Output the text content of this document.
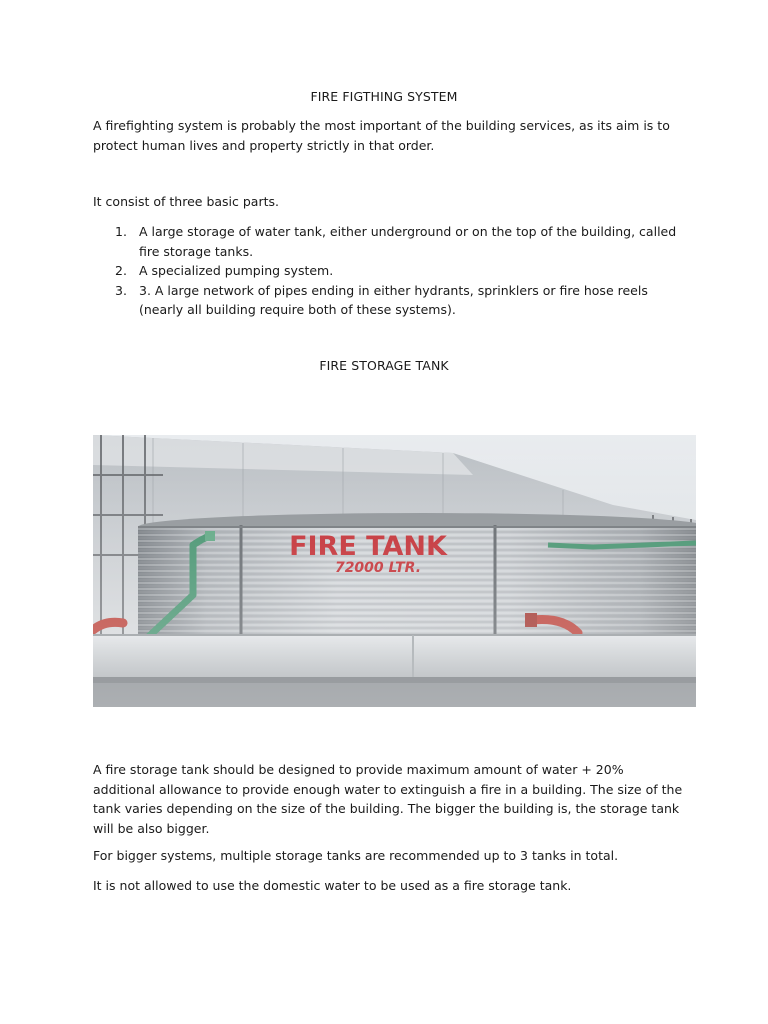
FIRE FIGTHING SYSTEM

A firefighting system is probably the most important of the building services, as its aim is to protect human lives and property strictly in that order.

It consist of three basic parts.

1. A large storage of water tank, either underground or on the top of the building, called fire storage tanks.
2. A specialized pumping system.
3. 3. A large network of pipes ending in either hydrants, sprinklers or fire hose reels (nearly all building require both of these systems).
FIRE STORAGE TANK

A fire storage tank should be designed to provide maximum amount of water + 20% additional allowance to provide enough water to extinguish a fire in a building. The size of the tank varies depending on the size of the building. The bigger the building is, the storage tank will be also bigger.

For bigger systems, multiple storage tanks are recommended up to 3 tanks in total.

It is not allowed to use the domestic water to be used as a fire storage tank.
